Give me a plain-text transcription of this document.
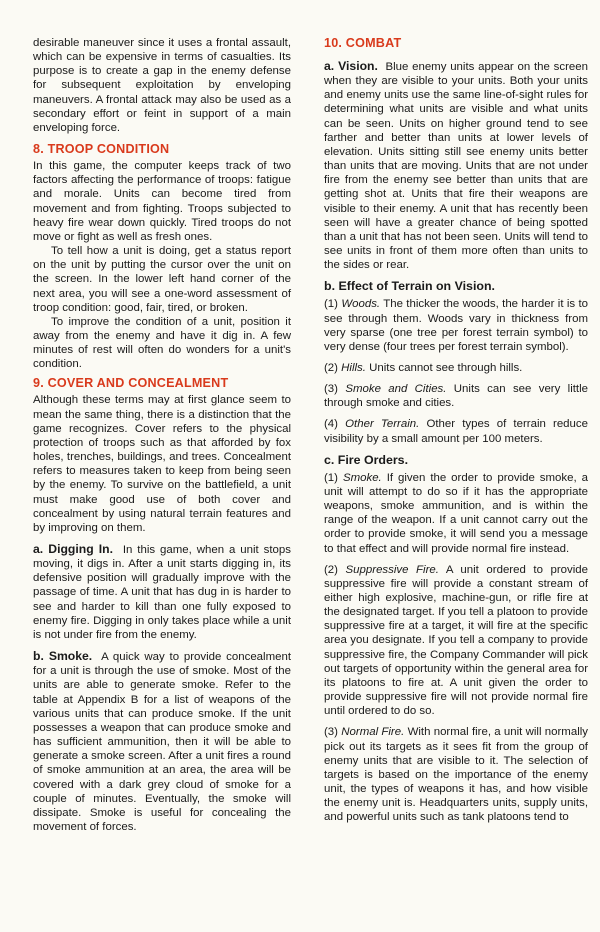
desirable maneuver since it uses a frontal assault, which can be expensive in terms of casualties. Its purpose is to create a gap in the enemy defense for subsequent exploitation by enveloping maneuvers. A frontal attack may also be used as a secondary effort or feint in support of a main enveloping force.

8. TROOP CONDITION

In this game, the computer keeps track of two factors affecting the performance of troops: fatigue and morale. Units can become tired from movement and from fighting. Troops subjected to heavy fire wear down quickly. Tired troops do not move or fight as well as fresh ones.

To tell how a unit is doing, get a status report on the unit by putting the cursor over the unit on the screen. In the lower left hand corner of the next area, you will see a one-word assessment of troop condition: good, fair, tired, or broken.

To improve the condition of a unit, position it away from the enemy and have it dig in. A few minutes of rest will often do wonders for a unit's condition.

9. COVER AND CONCEALMENT

Although these terms may at first glance seem to mean the same thing, there is a distinction that the game recognizes. Cover refers to the physical protection of troops such as that afforded by fox holes, trenches, buildings, and trees. Concealment refers to measures taken to keep from being seen by the enemy. To survive on the battlefield, a unit must make good use of both cover and concealment by using natural terrain features and by improving on them.

a. Digging In. In this game, when a unit stops moving, it digs in. After a unit starts digging in, its defensive position will gradually improve with the passage of time. A unit that has dug in is harder to see and harder to kill than one fully exposed to enemy fire. Digging in only takes place while a unit is not under fire from the enemy.

b. Smoke. A quick way to provide concealment for a unit is through the use of smoke. Most of the units are able to generate smoke. Refer to the table at Appendix B for a list of weapons of the various units that can produce smoke. If the unit possesses a weapon that can produce smoke and has sufficient ammunition, then it will be able to generate a smoke screen. After a unit fires a round of smoke ammunition at an area, the area will be covered with a dark grey cloud of smoke for a couple of minutes. Eventually, the smoke will dissipate. Smoke is useful for concealing the movement of forces.

10. COMBAT

a. Vision. Blue enemy units appear on the screen when they are visible to your units. Both your units and enemy units use the same line-of-sight rules for determining what units are visible and what units can be seen. Units on higher ground tend to see farther and better than units at lower levels of elevation. Units sitting still see enemy units better than units that are moving. Units that are not under fire from the enemy see better than units that are getting shot at. Units that fire their weapons are visible to their enemy. A unit that has recently been seen will have a greater chance of being spotted than a unit that has not been seen. Units will tend to see units in front of them more often than units to the sides or rear.

b. Effect of Terrain on Vision.

(1) Woods. The thicker the woods, the harder it is to see through them. Woods vary in thickness from very sparse (one tree per forest terrain symbol) to very dense (four trees per forest terrain symbol).

(2) Hills. Units cannot see through hills.

(3) Smoke and Cities. Units can see very little through smoke and cities.

(4) Other Terrain. Other types of terrain reduce visibility by a small amount per 100 meters.

c. Fire Orders.

(1) Smoke. If given the order to provide smoke, a unit will attempt to do so if it has the appropriate weapons, smoke ammunition, and is within the range of the weapon. If a unit cannot carry out the order to provide smoke, it will send you a message to that effect and will provide normal fire instead.

(2) Suppressive Fire. A unit ordered to provide suppressive fire will provide a constant stream of either high explosive, machine-gun, or rifle fire at the designated target. If you tell a platoon to provide suppressive fire at a target, it will fire at the specific area you designate. If you tell a company to provide suppressive fire, the Company Commander will pick out targets of opportunity within the general area for its platoons to fire at. A unit given the order to provide suppressive fire will not provide normal fire until ordered to do so.

(3) Normal Fire. With normal fire, a unit will normally pick out its targets as it sees fit from the group of enemy units that are visible to it. The selection of targets is based on the importance of the enemy unit, the types of weapons it has, and how visible the enemy unit is. Headquarters units, supply units, and powerful units such as tank platoons tend to
